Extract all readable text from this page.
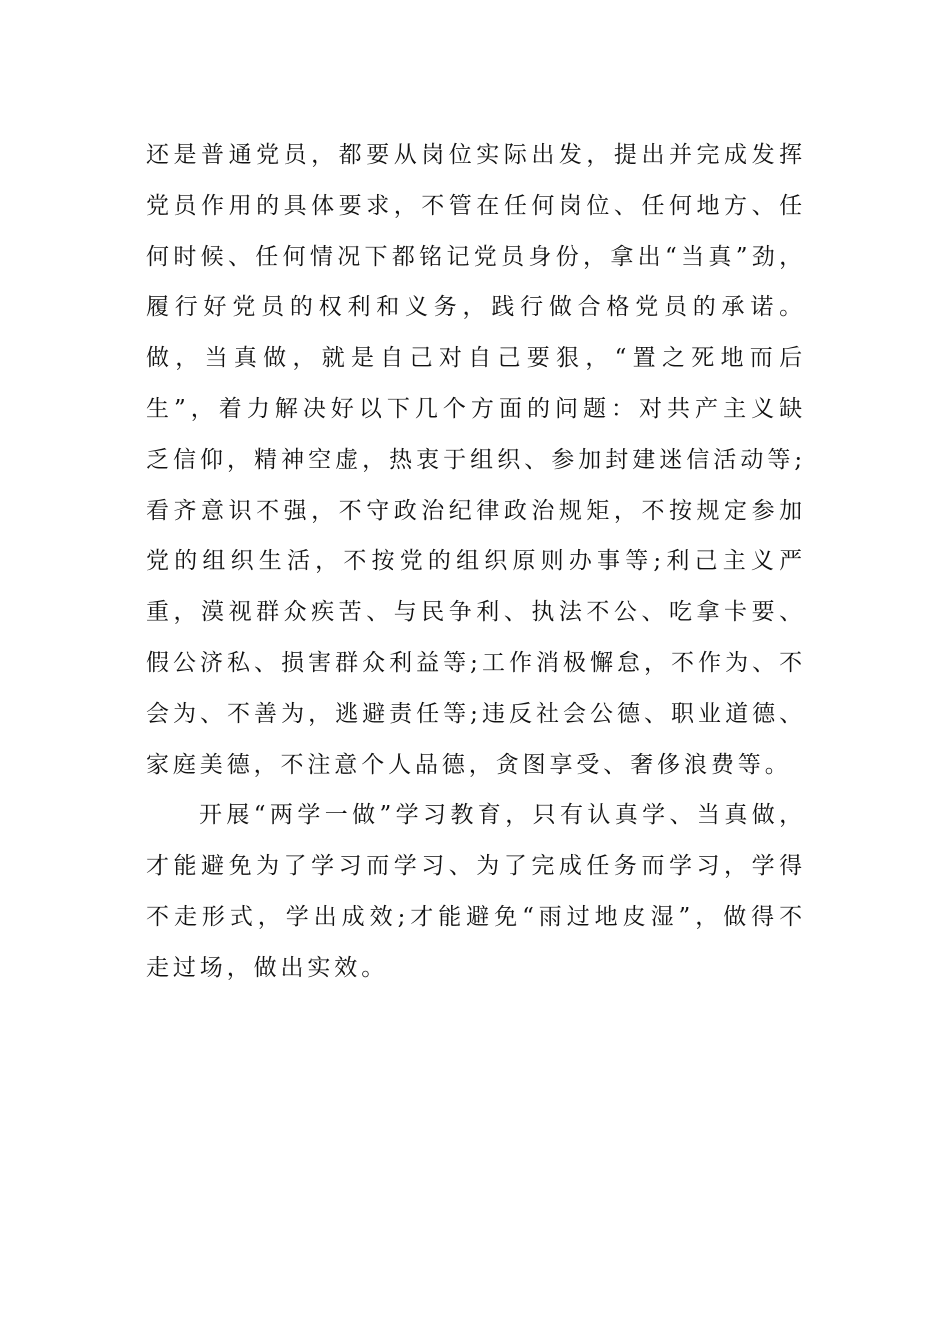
还是普通党员，都要从岗位实际出发，提出并完成发挥党员作用的具体要求，不管在任何岗位、任何地方、任何时候、任何情况下都铭记党员身份，拿出“当真”劲，履行好党员的权利和义务，践行做合格党员的承诺。做，当真做，就是自己对自己要狠，“置之死地而后生”，着力解决好以下几个方面的问题：对共产主义缺乏信仰，精神空虚，热衷于组织、参加封建迷信活动等;看齐意识不强，不守政治纪律政治规矩，不按规定参加党的组织生活，不按党的组织原则办事等;利己主义严重，漠视群众疾苦、与民争利、执法不公、吃拿卡要、假公济私、损害群众利益等;工作消极懈怠，不作为、不会为、不善为，逃避责任等;违反社会公德、职业道德、家庭美德，不注意个人品德，贪图享受、奢侈浪费等。

开展“两学一做”学习教育，只有认真学、当真做，才能避免为了学习而学习、为了完成任务而学习，学得不走形式，学出成效;才能避免“雨过地皮湿”，做得不走过场，做出实效。
